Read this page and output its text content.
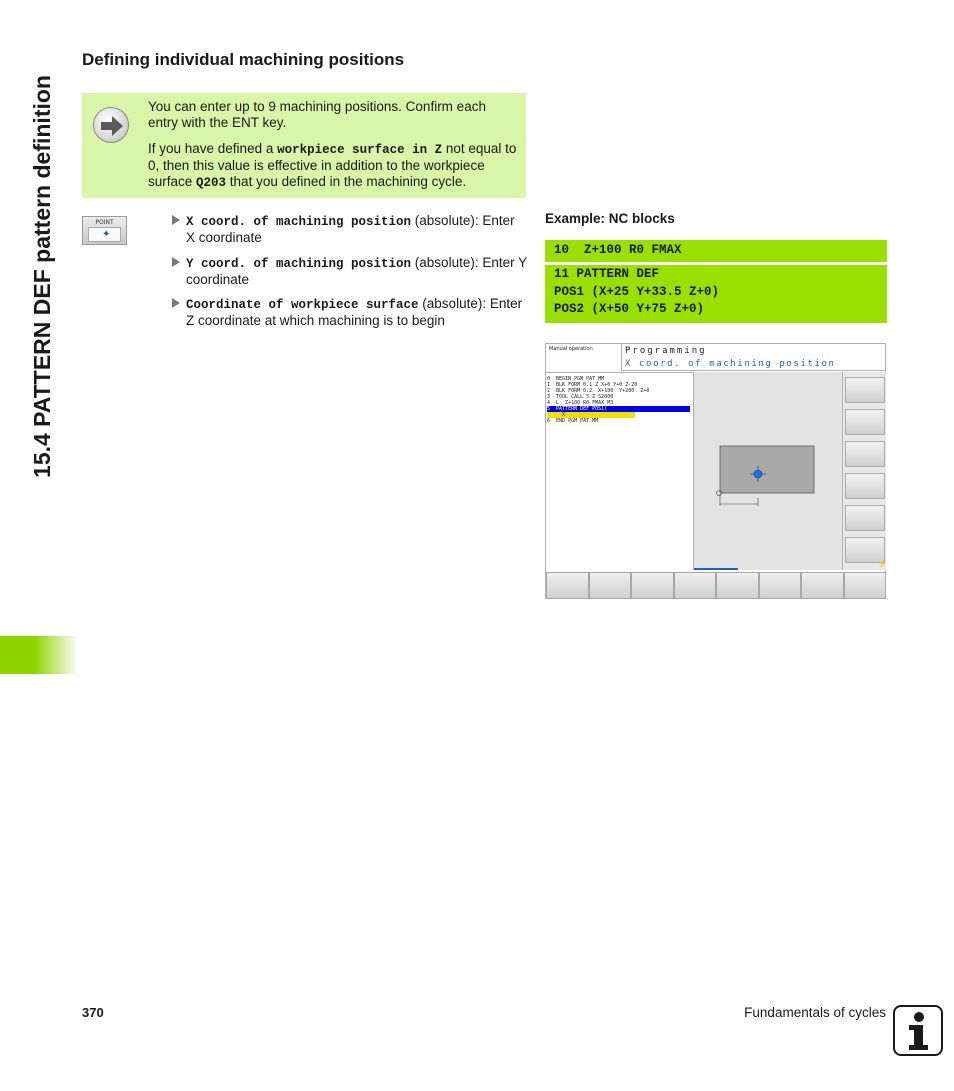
15.4 PATTERN DEF pattern definition
Defining individual machining positions

You can enter up to 9 machining positions. Confirm each entry with the ENT key.

If you have defined a workpiece surface in Z not equal to 0, then this value is effective in addition to the workpiece surface Q203 that you defined in the machining cycle.

POINT
✦
X coord. of machining position (absolute): Enter X coordinate
Y coord. of machining position (absolute): Enter Y coordinate
Coordinate of workpiece surface (absolute): Enter Z coordinate at which machining is to begin
Example: NC blocks
10  Z+100 R0 FMAX
11 PATTERN DEF
POS1 (X+25 Y+33.5 Z+0)
POS2 (X+50 Y+75 Z+0)
Manual operation	Programming
X coord. of machining position
0  BEGIN PGM PAT MM
1  BLK FORM 0.1 Z X+0 Y+0 Z-20
2  BLK FORM 0.2  X+100  Y+200  Z+0
3  TOOL CALL 5 Z S2000
4  L  Z+100 R0 FMAX M3
5  PATTERN DEF POS1(
X
6  END PGM PAT MM
⚡
370	Fundamentals of cycles
